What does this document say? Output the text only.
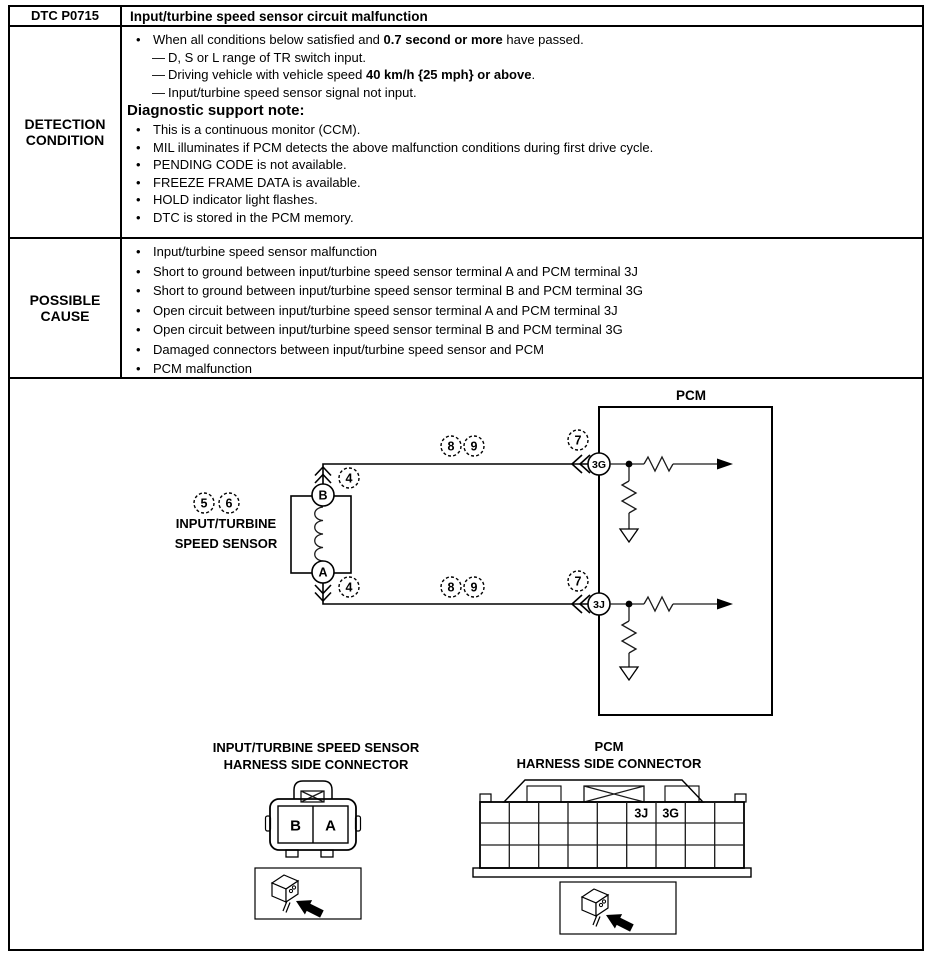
DTC P0715 Input/turbine speed sensor circuit malfunction
DETECTION
CONDITION
• When all conditions below satisfied and 0.7 second or more have passed.
— D, S or L range of TR switch input.
— Driving vehicle with vehicle speed 40 km/h {25 mph} or above.
— Input/turbine speed sensor signal not input.
Diagnostic support note:
• This is a continuous monitor (CCM).
• MIL illuminates if PCM detects the above malfunction conditions during first drive cycle.
• PENDING CODE is not available.
• FREEZE FRAME DATA is available.
• HOLD indicator light flashes.
• DTC is stored in the PCM memory.
POSSIBLE
CAUSE
• Input/turbine speed sensor malfunction
• Short to ground between input/turbine speed sensor terminal A and PCM terminal 3J
• Short to ground between input/turbine speed sensor terminal B and PCM terminal 3G
• Open circuit between input/turbine speed sensor terminal A and PCM terminal 3J
• Open circuit between input/turbine speed sensor terminal B and PCM terminal 3G
• Damaged connectors between input/turbine speed sensor and PCM
• PCM malfunction
PCM
3G
3J
B
A
INPUT/TURBINE
SPEED SENSOR
5 6
4
4
8 9	7
8 9	7
INPUT/TURBINE SPEED SENSOR
HARNESS SIDE CONNECTOR
B A
PCM
HARNESS SIDE CONNECTOR
3J 3G
